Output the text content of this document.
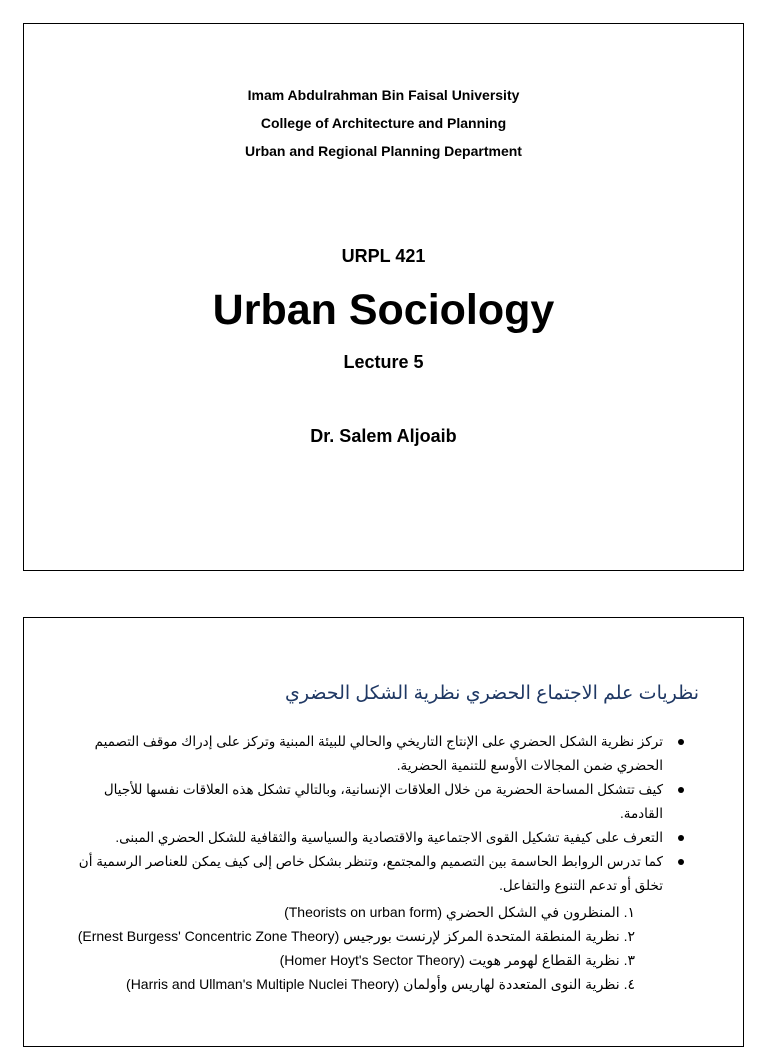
Imam Abdulrahman Bin Faisal University
College of Architecture and Planning
Urban and Regional Planning Department
URPL 421
Urban Sociology
Lecture 5
Dr. Salem Aljoaib
نظريات علم الاجتماع الحضري نظرية الشكل الحضري
تركز نظرية الشكل الحضري على الإنتاج التاريخي والحالي للبيئة المبنية وتركز على إدراك موقف التصميم الحضري ضمن المجالات الأوسع للتنمية الحضرية.
كيف تتشكل المساحة الحضرية من خلال العلاقات الإنسانية، وبالتالي تشكل هذه العلاقات نفسها للأجيال القادمة.
التعرف على كيفية تشكيل القوى الاجتماعية والاقتصادية والسياسية والثقافية للشكل الحضري المبنى.
كما تدرس الروابط الحاسمة بين التصميم والمجتمع، وتنظر بشكل خاص إلى كيف يمكن للعناصر الرسمية أن تخلق أو تدعم التنوع والتفاعل.
١. المنظرون في الشكل الحضري (Theorists on urban form)
٢. نظرية المنطقة المتحدة المركز لإرنست بورجيس (Ernest Burgess' Concentric Zone Theory)
٣. نظرية القطاع لهومر هويت (Homer Hoyt's Sector Theory)
٤. نظرية النوى المتعددة لهاريس وأولمان (Harris and Ullman's Multiple Nuclei Theory)
